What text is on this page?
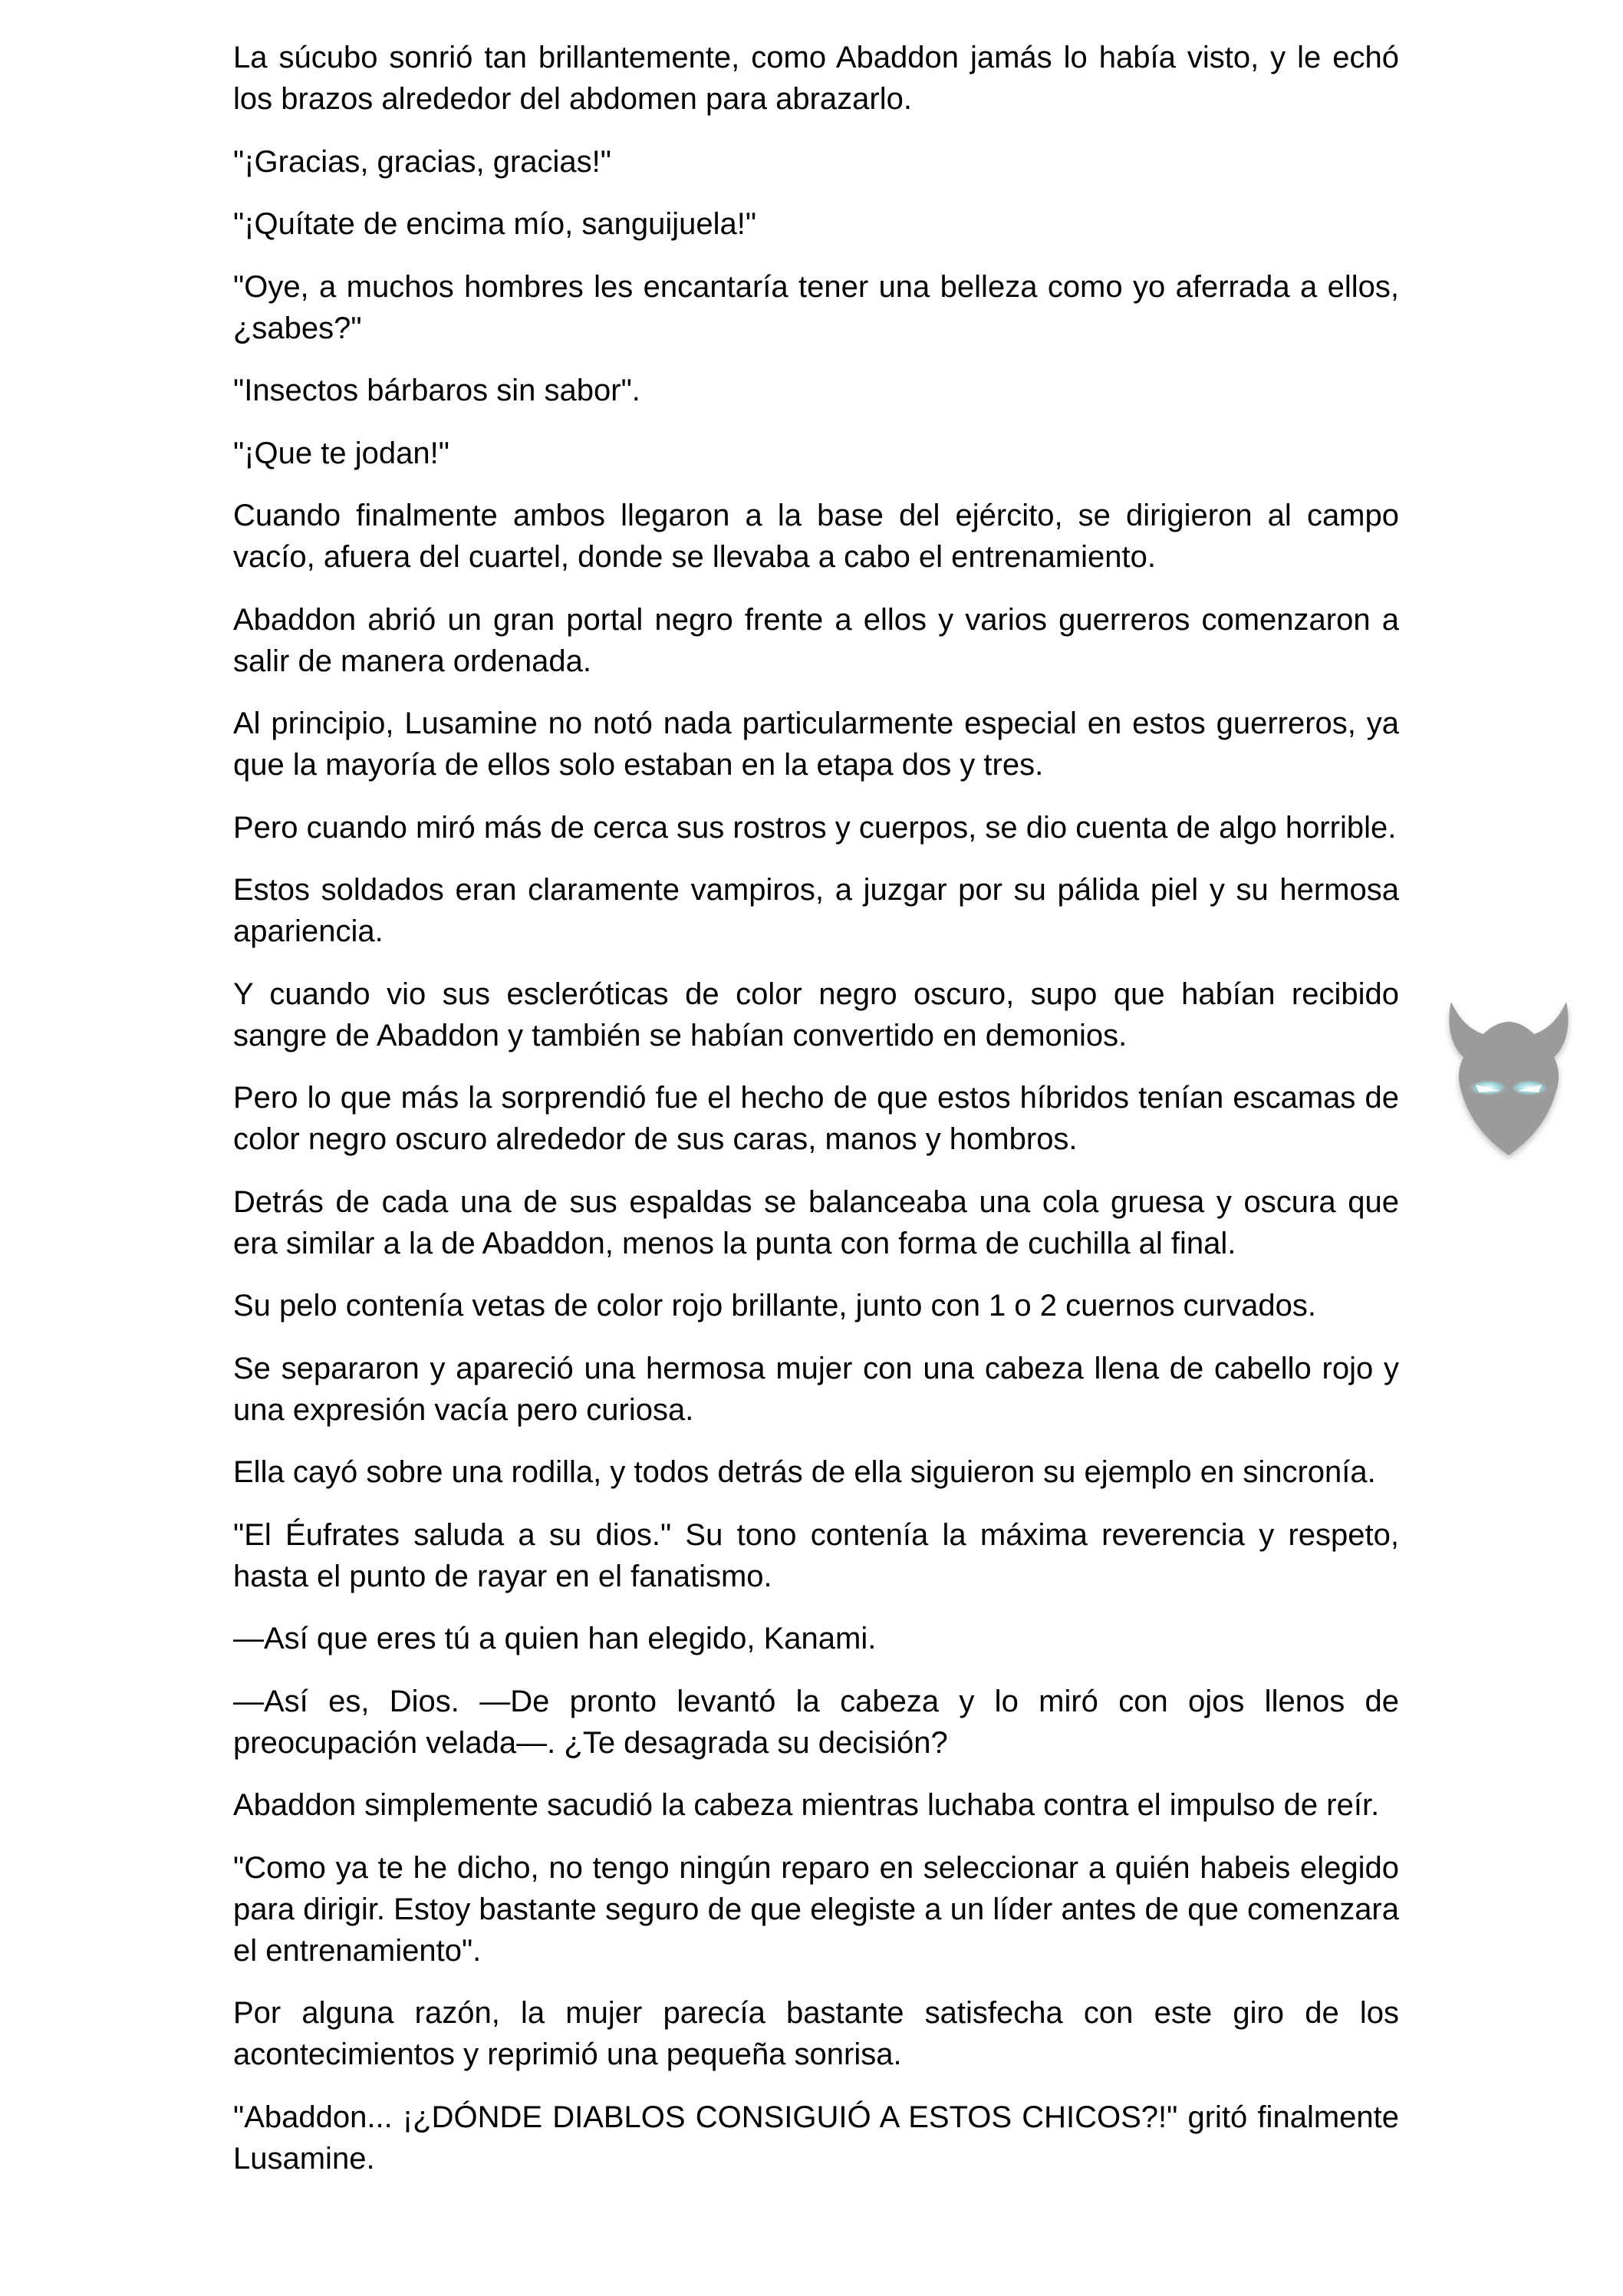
La súcubo sonrió tan brillantemente, como Abaddon jamás lo había visto, y le echó los brazos alrededor del abdomen para abrazarlo.

"¡Gracias, gracias, gracias!"

"¡Quítate de encima mío, sanguijuela!"

"Oye, a muchos hombres les encantaría tener una belleza como yo aferrada a ellos, ¿sabes?"

"Insectos bárbaros sin sabor".

"¡Que te jodan!"

Cuando finalmente ambos llegaron a la base del ejército, se dirigieron al campo vacío, afuera del cuartel, donde se llevaba a cabo el entrenamiento.

Abaddon abrió un gran portal negro frente a ellos y varios guerreros comenzaron a salir de manera ordenada.

Al principio, Lusamine no notó nada particularmente especial en estos guerreros, ya que la mayoría de ellos solo estaban en la etapa dos y tres.

Pero cuando miró más de cerca sus rostros y cuerpos, se dio cuenta de algo horrible.

Estos soldados eran claramente vampiros, a juzgar por su pálida piel y su hermosa apariencia.

Y cuando vio sus escleróticas de color negro oscuro, supo que habían recibido sangre de Abaddon y también se habían convertido en demonios.

Pero lo que más la sorprendió fue el hecho de que estos híbridos tenían escamas de color negro oscuro alrededor de sus caras, manos y hombros.

Detrás de cada una de sus espaldas se balanceaba una cola gruesa y oscura que era similar a la de Abaddon, menos la punta con forma de cuchilla al final.

Su pelo contenía vetas de color rojo brillante, junto con 1 o 2 cuernos curvados.

Se separaron y apareció una hermosa mujer con una cabeza llena de cabello rojo y una expresión vacía pero curiosa.

Ella cayó sobre una rodilla, y todos detrás de ella siguieron su ejemplo en sincronía.

"El Éufrates saluda a su dios." Su tono contenía la máxima reverencia y respeto, hasta el punto de rayar en el fanatismo.

—Así que eres tú a quien han elegido, Kanami.

—Así es, Dios. —De pronto levantó la cabeza y lo miró con ojos llenos de preocupación velada—. ¿Te desagrada su decisión?

Abaddon simplemente sacudió la cabeza mientras luchaba contra el impulso de reír.

"Como ya te he dicho, no tengo ningún reparo en seleccionar a quién habeis elegido para dirigir. Estoy bastante seguro de que elegiste a un líder antes de que comenzara el entrenamiento".

Por alguna razón, la mujer parecía bastante satisfecha con este giro de los acontecimientos y reprimió una pequeña sonrisa.

"Abaddon... ¡¿DÓNDE DIABLOS CONSIGUIÓ A ESTOS CHICOS?!" gritó finalmente Lusamine.
